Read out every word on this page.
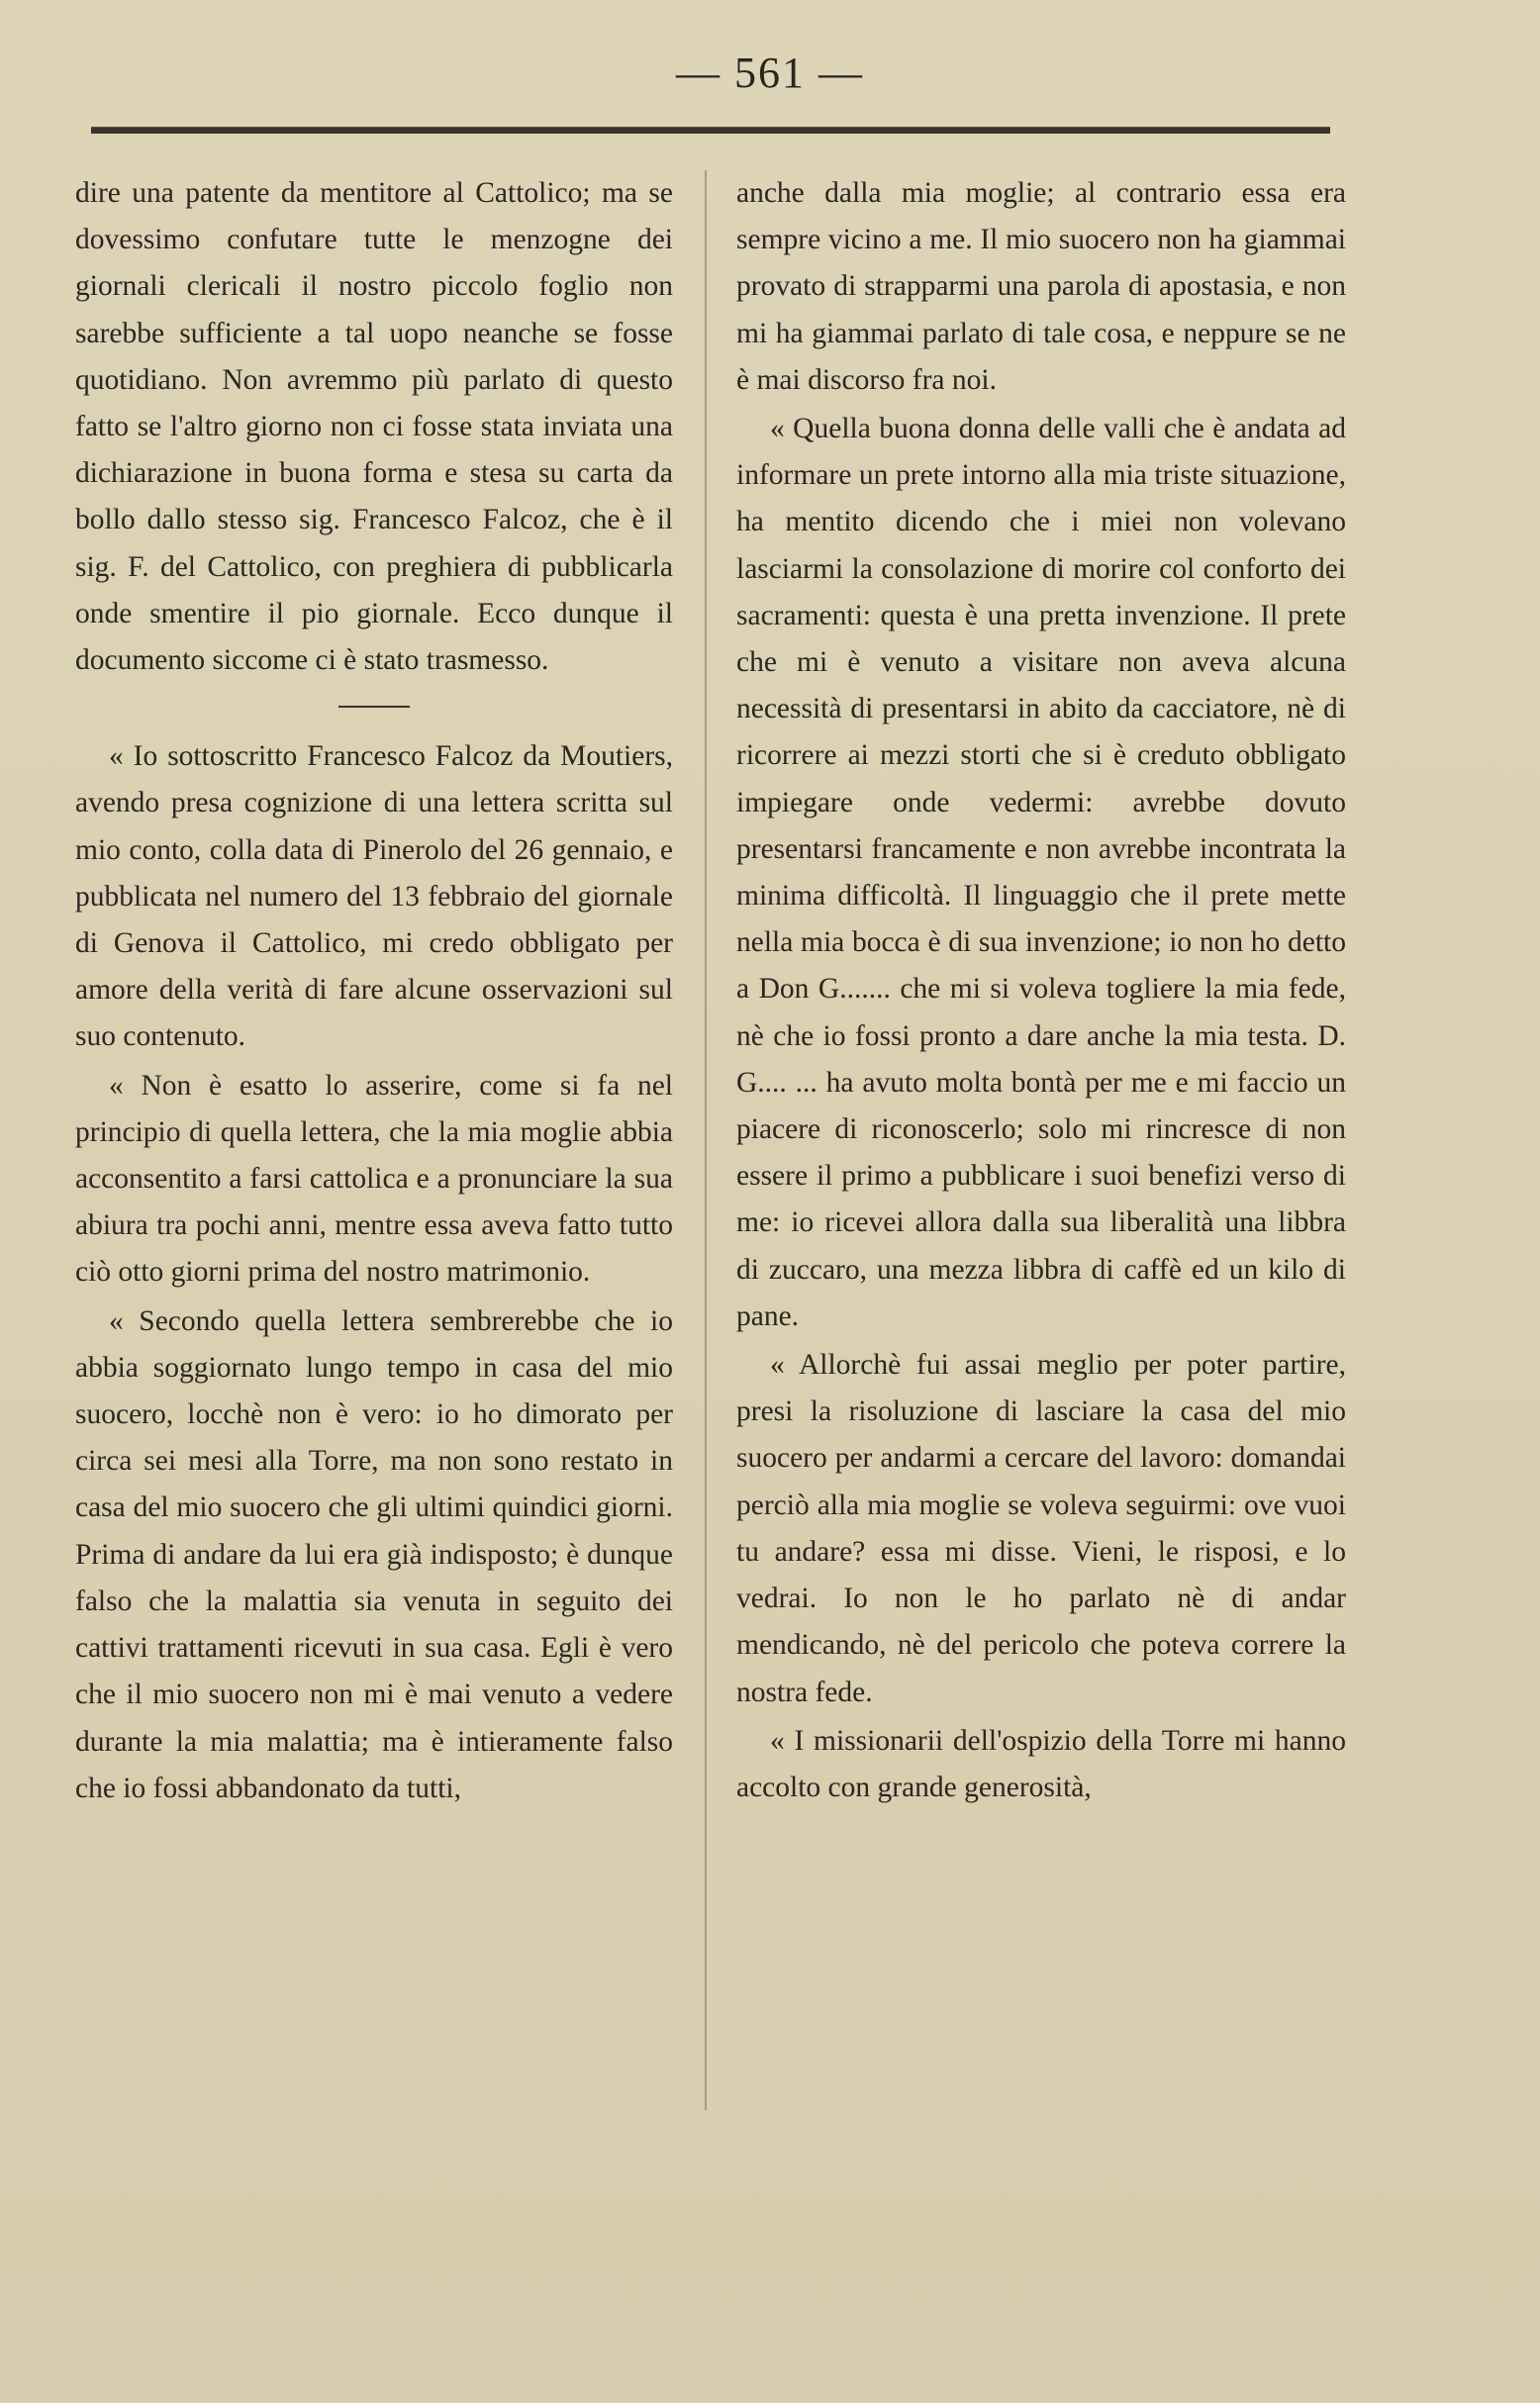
— 561 —

dire una patente da mentitore al Cattolico; ma se dovessimo confutare tutte le menzogne dei giornali clericali il nostro piccolo foglio non sarebbe sufficiente a tal uopo neanche se fosse quotidiano. Non avremmo più parlato di questo fatto se l'altro giorno non ci fosse stata inviata una dichiarazione in buona forma e stesa su carta da bollo dallo stesso sig. Francesco Falcoz, che è il sig. F. del Cattolico, con preghiera di pubblicarla onde smentire il pio giornale. Ecco dunque il documento siccome ci è stato trasmesso.

« Io sottoscritto Francesco Falcoz da Moutiers, avendo presa cognizione di una lettera scritta sul mio conto, colla data di Pinerolo del 26 gennaio, e pubblicata nel numero del 13 febbraio del giornale di Genova il Cattolico, mi credo obbligato per amore della verità di fare alcune osservazioni sul suo contenuto.

« Non è esatto lo asserire, come si fa nel principio di quella lettera, che la mia moglie abbia acconsentito a farsi cattolica e a pronunciare la sua abiura tra pochi anni, mentre essa aveva fatto tutto ciò otto giorni prima del nostro matrimonio.

« Secondo quella lettera sembrerebbe che io abbia soggiornato lungo tempo in casa del mio suocero, locchè non è vero: io ho dimorato per circa sei mesi alla Torre, ma non sono restato in casa del mio suocero che gli ultimi quindici giorni. Prima di andare da lui era già indisposto; è dunque falso che la malattia sia venuta in seguito dei cattivi trattamenti ricevuti in sua casa. Egli è vero che il mio suocero non mi è mai venuto a vedere durante la mia malattia; ma è intieramente falso che io fossi abbandonato da tutti,

anche dalla mia moglie; al contrario essa era sempre vicino a me. Il mio suocero non ha giammai provato di strapparmi una parola di apostasia, e non mi ha giammai parlato di tale cosa, e neppure se ne è mai discorso fra noi.

« Quella buona donna delle valli che è andata ad informare un prete intorno alla mia triste situazione, ha mentito dicendo che i miei non volevano lasciarmi la consolazione di morire col conforto dei sacramenti: questa è una pretta invenzione. Il prete che mi è venuto a visitare non aveva alcuna necessità di presentarsi in abito da cacciatore, nè di ricorrere ai mezzi storti che si è creduto obbligato impiegare onde vedermi: avrebbe dovuto presentarsi francamente e non avrebbe incontrata la minima difficoltà. Il linguaggio che il prete mette nella mia bocca è di sua invenzione; io non ho detto a Don G....... che mi si voleva togliere la mia fede, nè che io fossi pronto a dare anche la mia testa. D. G.... ... ha avuto molta bontà per me e mi faccio un piacere di riconoscerlo; solo mi rincresce di non essere il primo a pubblicare i suoi benefizi verso di me: io ricevei allora dalla sua liberalità una libbra di zuccaro, una mezza libbra di caffè ed un kilo di pane.

« Allorchè fui assai meglio per poter partire, presi la risoluzione di lasciare la casa del mio suocero per andarmi a cercare del lavoro: domandai perciò alla mia moglie se voleva seguirmi: ove vuoi tu andare? essa mi disse. Vieni, le risposi, e lo vedrai. Io non le ho parlato nè di andar mendicando, nè del pericolo che poteva correre la nostra fede.

« I missionarii dell'ospizio della Torre mi hanno accolto con grande generosità,
